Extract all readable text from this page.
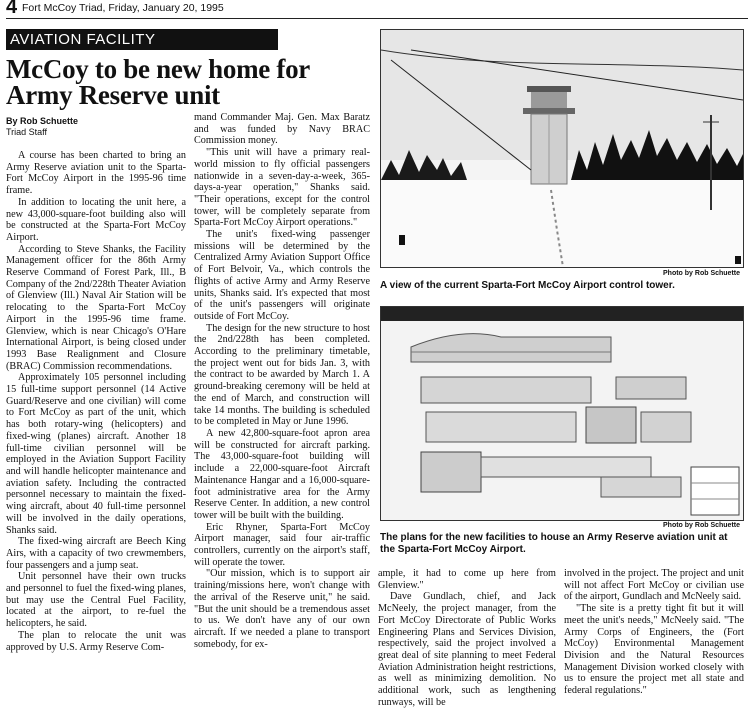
4 Fort McCoy Triad, Friday, January 20, 1995
AVIATION FACILITY
McCoy to be new home for Army Reserve unit
By Rob Schuette
Triad Staff

A course has been charted to bring an Army Reserve aviation unit to the Sparta-Fort McCoy Airport in the 1995-96 time frame.

In addition to locating the unit here, a new 43,000-square-foot building also will be constructed at the Sparta-Fort McCoy Airport.

According to Steve Shanks, the Facility Management officer for the 86th Army Reserve Command of Forest Park, Ill., B Company of the 2nd/228th Theater Aviation of Glenview (Ill.) Naval Air Station will be relocating to the Sparta-Fort McCoy Airport in the 1995-96 time frame. Glenview, which is near Chicago's O'Hare International Airport, is being closed under 1993 Base Realignment and Closure (BRAC) Commission recommendations.

Approximately 105 personnel including 15 full-time support personnel (14 Active Guard/Reserve and one civilian) will come to Fort McCoy as part of the unit, which has both rotary-wing (helicopters) and fixed-wing (planes) aircraft. Another 18 full-time civilian personnel will be employed in the Aviation Support Facility and will handle helicopter maintenance and aviation safety. Including the contracted personnel necessary to maintain the fixed-wing aircraft, about 40 full-time personnel will be involved in the daily operations, Shanks said.

The fixed-wing aircraft are Beech King Airs, with a capacity of two crewmembers, four passengers and a jump seat.

Unit personnel have their own trucks and personnel to fuel the fixed-wing planes, but may use the Central Fuel Facility, located at the airport, to re-fuel the helicopters, he said.

The plan to relocate the unit was approved by U.S. Army Reserve Com-

mand Commander Maj. Gen. Max Baratz and was funded by Navy BRAC Commission money.

"This unit will have a primary real-world mission to fly official passengers nationwide in a seven-day-a-week, 365-days-a-year operation," Shanks said. "Their operations, except for the control tower, will be completely separate from Sparta-Fort McCoy Airport operations."

The unit's fixed-wing passenger missions will be determined by the Centralized Army Aviation Support Office of Fort Belvoir, Va., which controls the flights of active Army and Army Reserve units, Shanks said. It's expected that most of the unit's passengers will originate outside of Fort McCoy.

The design for the new structure to host the 2nd/228th has been completed. According to the preliminary timetable, the project went out for bids Jan. 3, with the contract to be awarded by March 1. A ground-breaking ceremony will be held at the end of March, and construction will take 14 months. The building is scheduled to be completed in May or June 1996.

A new 42,800-square-foot apron area will be constructed for aircraft parking. The 43,000-square-foot building will include a 22,000-square-foot Aircraft Maintenance Hangar and a 16,000-square-foot administrative area for the Army Reserve Center. In addition, a new control tower will be built with the building.

Eric Rhyner, Sparta-Fort McCoy Airport manager, said four air-traffic controllers, currently on the airport's staff, will operate the tower.

"Our mission, which is to support air training/missions here, won't change with the arrival of the Reserve unit," he said. "But the unit should be a tremendous asset to us. We don't have any of our own aircraft. If we needed a plane to transport somebody, for ex-

Photo by Rob Schuette
A view of the current Sparta-Fort McCoy Airport control tower.
Photo by Rob Schuette
The plans for the new facilities to house an Army Reserve aviation unit at the Sparta-Fort McCoy Airport.

ample, it had to come up here from Glenview."

Dave Gundlach, chief, and Jack McNeely, the project manager, from the Fort McCoy Directorate of Public Works Engineering Plans and Services Division, respectively, said the project involved a great deal of site planning to meet Federal Aviation Administration height restrictions, as well as minimizing demolition. No additional work, such as lengthening runways, will be

involved in the project. The project and unit will not affect Fort McCoy or civilian use of the airport, Gundlach and McNeely said.

"The site is a pretty tight fit but it will meet the unit's needs," McNeely said. "The Army Corps of Engineers, the (Fort McCoy) Environmental Management Division and the Natural Resources Management Division worked closely with us to ensure the project met all state and federal regulations."
